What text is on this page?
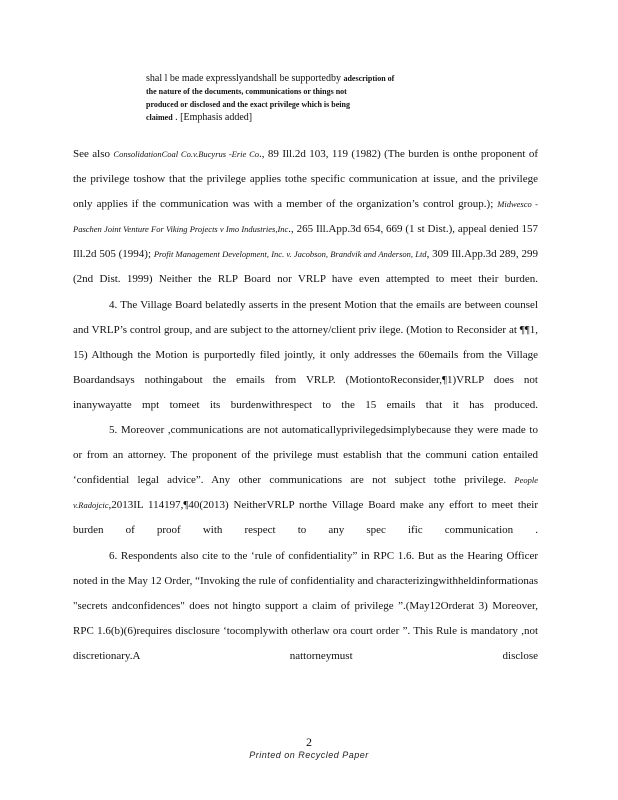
shal l be made expresslyandshall be supportedby adescription of

the nature of the documents, communications or things not

produced or disclosed and the exact privilege which is being

claimed . [Emphasis added]

See also ConsolidationCoal Co.v.Bucyrus -Erie Co., 89 Ill.2d 103, 119 (1982) (The burden is onthe proponent of the privilege toshow that the privilege applies tothe specific communication at issue, and the privilege only applies if the communication was with a member of the organization’s control group.); Midwesco -Paschen Joint Venture For Viking Projects v Imo Industries,Inc., 265 Ill.App.3d 654, 669 (1 st Dist.), appeal denied 157 Ill.2d 505 (1994); Profit Management Development, Inc. v. Jacobson, Brandvik and Anderson, Ltd, 309 Ill.App.3d 289, 299 (2nd Dist. 1999) Neither the RLP Board nor VRLP have even attempted to meet their burden.

4. The Village Board belatedly asserts in the present Motion that the emails are between counsel and VRLP’s control group, and are subject to the attorney/client priv ilege. (Motion to Reconsider at ¶¶1, 15) Although the Motion is purportedly filed jointly, it only addresses the 60emails from the Village Boardandsays nothingabout the emails from VRLP. (MotiontoReconsider,¶1)VRLP does not inanywayatte mpt tomeet its burdenwithrespect to the 15 emails that it has produced.

5. Moreover ,communications are not automaticallyprivilegedsimplybecause they were made to or from an attorney. The proponent of the privilege must establish that the communi cation entailed ‘confidential legal advice”. Any other communications are not subject tothe privilege. People v.Radojcic,2013IL 114197,¶40(2013) NeitherVRLP northe Village Board make any effort to meet their burden of proof with respect to any spec ific communication .

6. Respondents also cite to the ‘rule of confidentiality” in RPC 1.6. But as the Hearing Officer noted in the May 12 Order, “Invoking the rule of confidentiality and characterizingwithheldinformationas "secrets andconfidences" does not hingto support a claim of privilege ”.(May12Orderat 3) Moreover, RPC 1.6(b)(6)requires disclosure ‘tocomplywith otherlaw ora court order ”. This Rule is mandatory ,not discretionary.A nattorneymust disclose

2
Printed on Recycled Paper
